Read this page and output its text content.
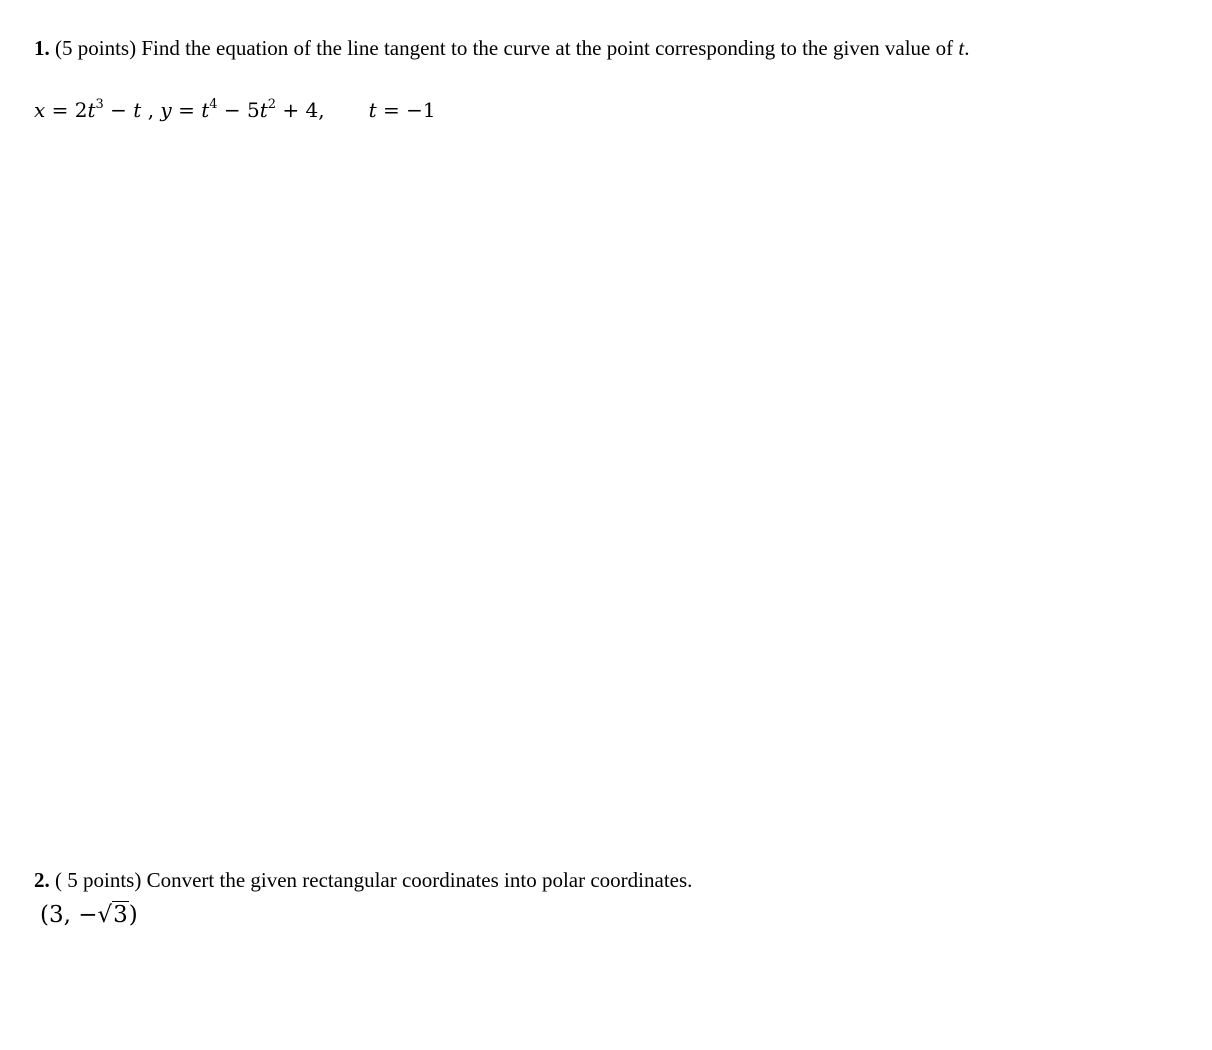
1. (5 points) Find the equation of the line tangent to the curve at the point corresponding to the given value of t.
$x = 2t^3 - t$ , $y = t^4 - 5t^2 + 4$, t = −1
2. ( 5 points) Convert the given rectangular coordinates into polar coordinates.
(3, −√3)
